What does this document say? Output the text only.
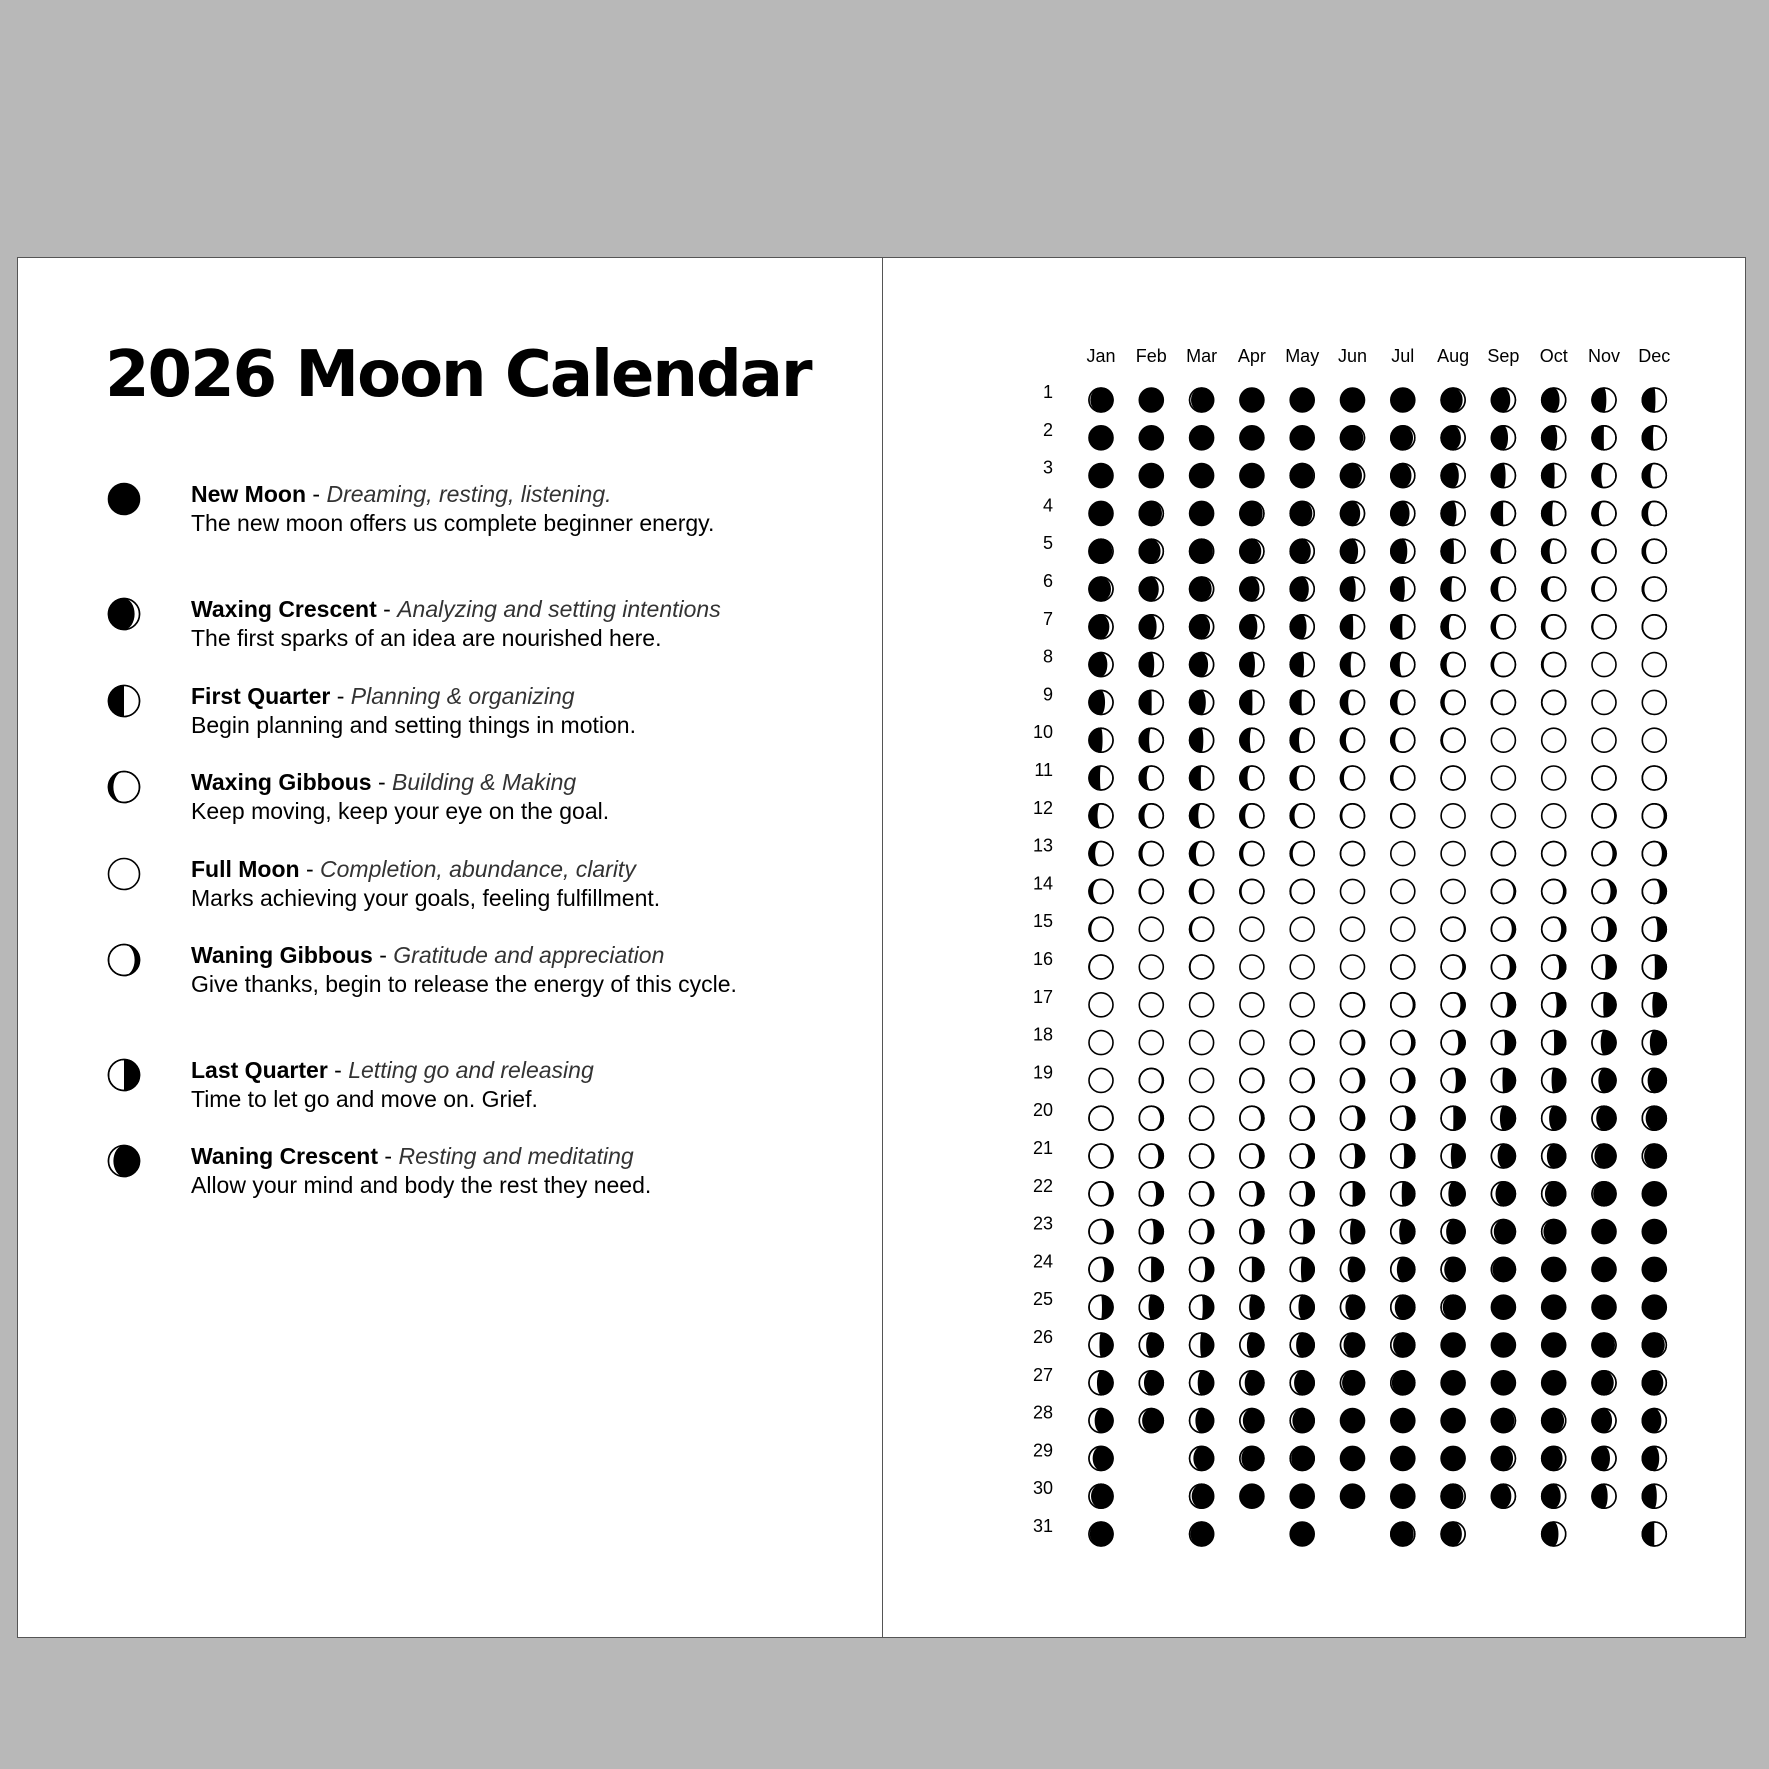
2026 Moon Calendar
New Moon - Dreaming, resting, listening.
The new moon offers us complete beginner energy.
Waxing Crescent - Analyzing and setting intentions
The first sparks of an idea are nourished here.
First Quarter - Planning & organizing
Begin planning and setting things in motion.
Waxing Gibbous - Building & Making
Keep moving, keep your eye on the goal.
Full Moon - Completion, abundance, clarity
Marks achieving your goals, feeling fulfillment.
Waning Gibbous - Gratitude and appreciation
Give thanks, begin to release the energy of this cycle.
Last Quarter - Letting go and releasing
Time to let go and move on. Grief.
Waning Crescent - Resting and meditating
Allow your mind and body the rest they need.
Jan Feb Mar Apr May Jun Jul Aug Sep Oct Nov Dec
1
2
3
4
5
6
7
8
9
10
11
12
13
14
15
16
17
18
19
20
21
22
23
24
25
26
27
28
29
30
31
